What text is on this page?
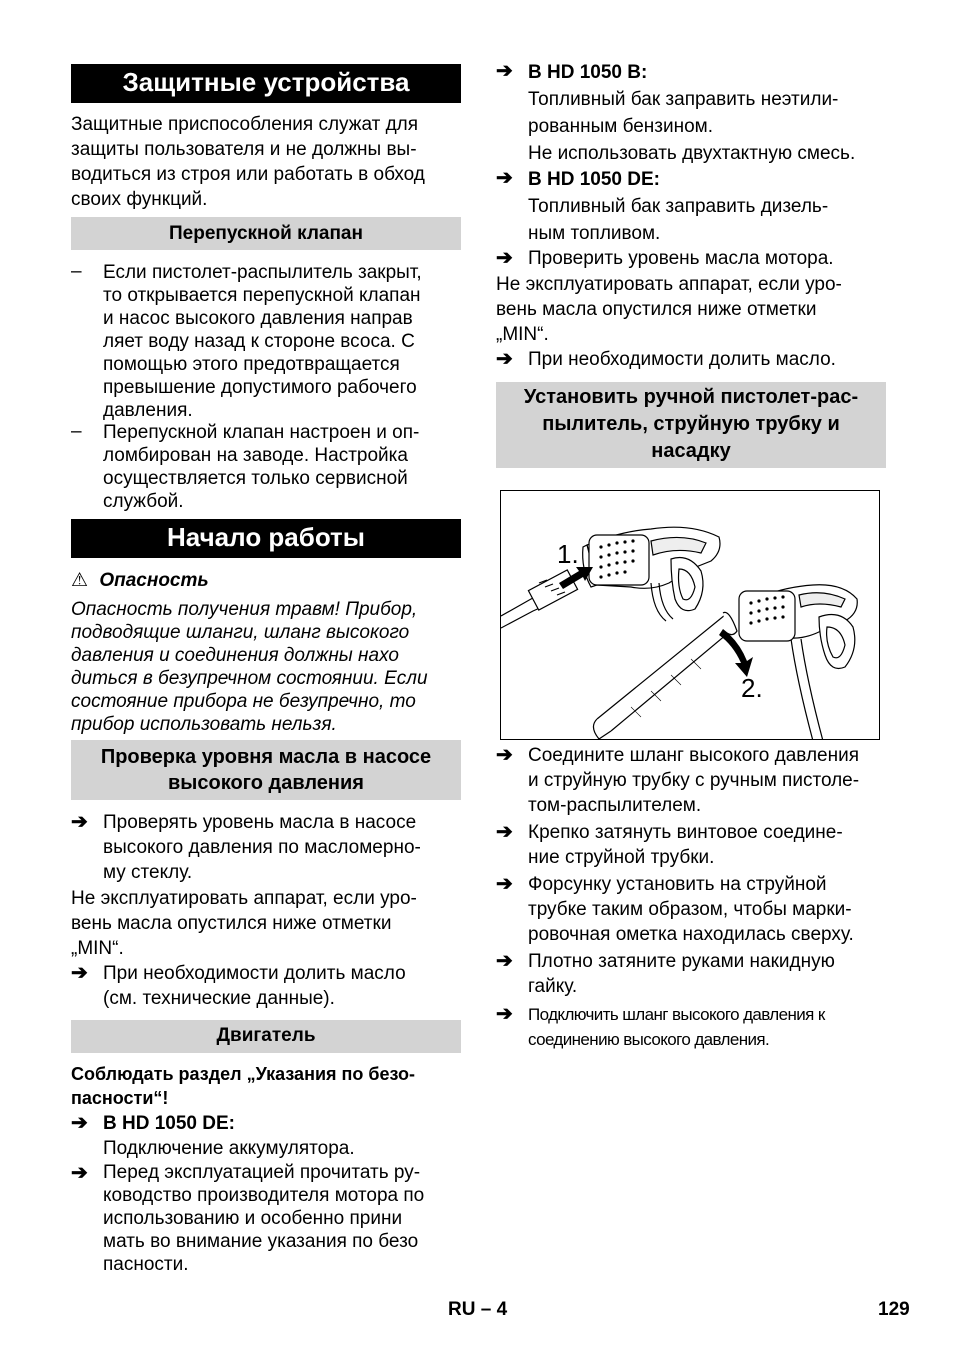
Защитные устройства
Защитные приспособления служат для
защиты пользователя и не должны вы-
водиться из строя или работать в обход
своих функций.
Перепускной клапан
– Если пистолет-распылитель закрыт,
то открывается перепускной клапан
и насос высокого давления направ
ляет воду назад к стороне всоса. С
помощью этого предотвращается
превышение допустимого рабочего
давления.
– Перепускной клапан настроен и оп-
ломбирован на заводе. Настройка
осуществляется только сервисной
службой.
Начало работы
⚠ Опасность
Опасность получения травм! Прибор,
подводящие шланги, шланг высокого
давления и соединения должны нахо
диться в безупречном состоянии. Если
состояние прибора не безупречно, то
прибор использовать нельзя.
Проверка уровня масла в насосе
высокого давления
➔ Проверять уровень масла в насосе
высокого давления по масломерно-
му стеклу.
Не эксплуатировать аппарат, если уро-
вень масла опустился ниже отметки
„MIN“.
➔ При необходимости долить масло
(см. технические данные).
Двигатель
Соблюдать раздел „Указания по безо-
пасности“!
➔ В HD 1050 DE:
Подключение аккумулятора.
➔ Перед эксплуатацией прочитать ру-
ководство производителя мотора по
использованию и особенно прини
мать во внимание указания по безо
пасности.
➔ В HD 1050 B:
Топливный бак заправить неэтили-
рованным бензином.
Не использовать двухтактную смесь.
➔ В HD 1050 DE:
Топливный бак заправить дизель-
ным топливом.
➔ Проверить уровень масла мотора.
Не эксплуатировать аппарат, если уро-
вень масла опустился ниже отметки
„MIN“.
➔ При необходимости долить масло.
Установить ручной пистолет-рас-
пылитель, струйную трубку и
насадку
1.
2.
➔ Соедините шланг высокого давления
и струйную трубку с ручным пистоле-
том-распылителем.
➔ Крепко затянуть винтовое соедине-
ние струйной трубки.
➔ Форсунку установить на струйной
трубке таким образом, чтобы марки-
ровочная ометка находилась сверху.
➔ Плотно затяните руками накидную
гайку.
➔ Подключить шланг высокого давления к
соединению высокого давления.
RU – 4	129
